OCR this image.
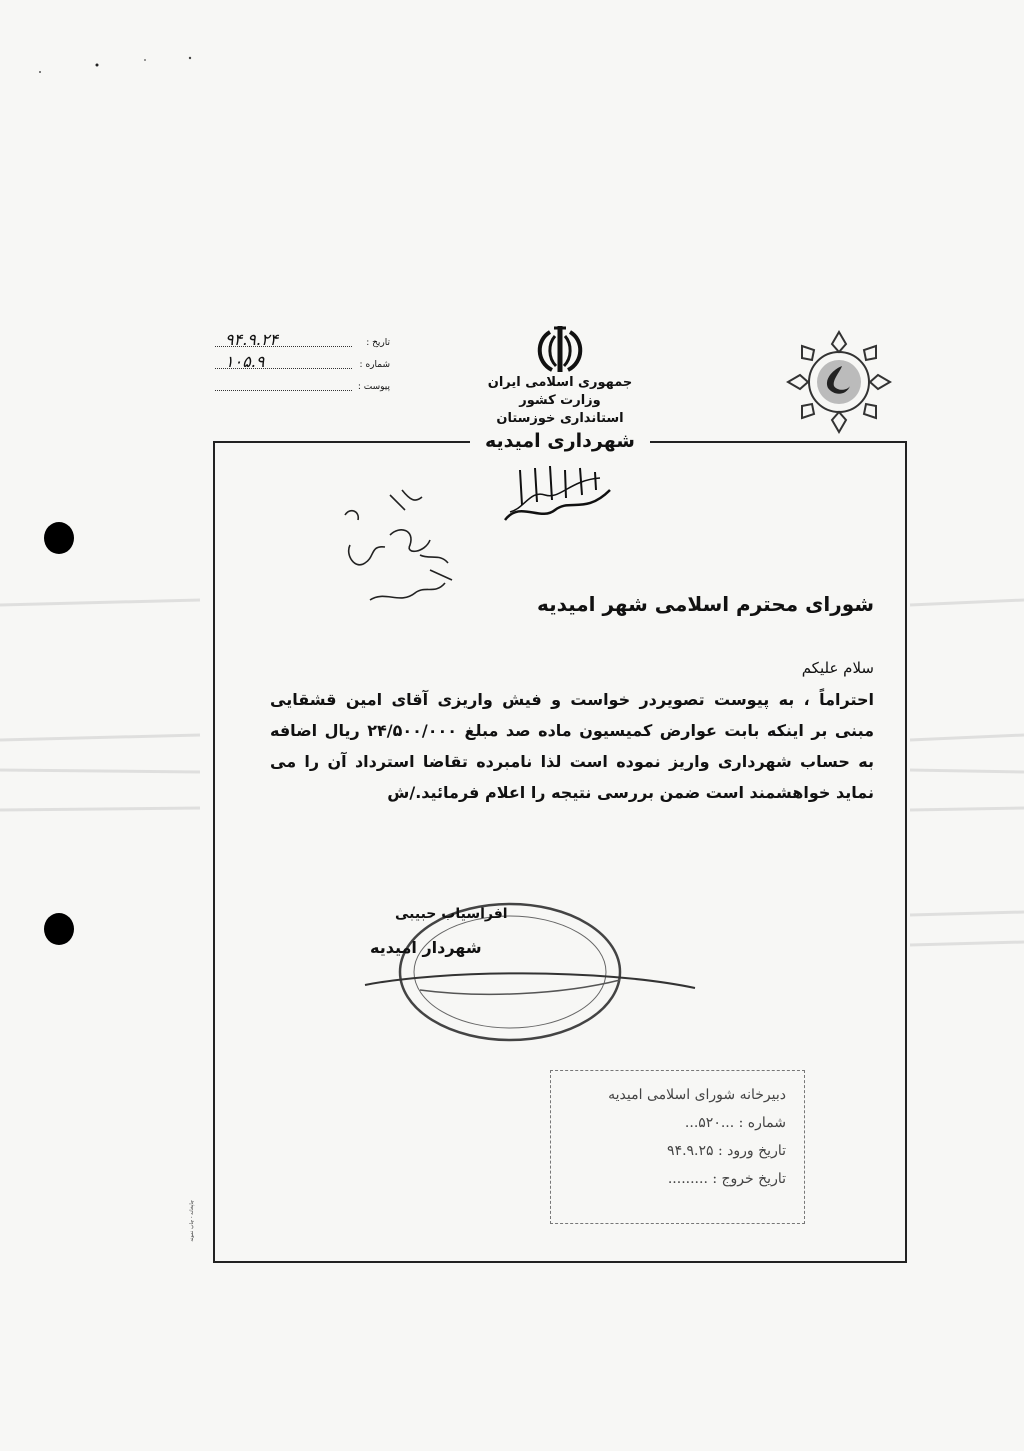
تاریخ :
۹۴.۹.۲۴
شماره :
۱۰۵.۹
پیوست :	جمهوری اسلامی ایران
وزارت کشور
استانداری خوزستان
شهرداری امیدیه
شورای محترم اسلامی شهر امیدیه
سلام علیکم
احتراماً ، به پیوست تصویردر خواست و فیش واریزی آقای امین قشقایی مبنی بر اینکه بابت عوارض کمیسیون ماده صد مبلغ ۲۴/۵۰۰/۰۰۰ ریال اضافه به حساب شهرداری واریز نموده است لذا نامبرده تقاضا استرداد آن را می نماید خواهشمند است ضمن بررسی نتیجه را اعلام فرمائید./ش
افراسیاب حبیبی
شهردار امیدیه
دبیرخانه شورای اسلامی امیدیه
شماره : ...۵۲۰...
تاریخ ورود : ۹۴.۹.۲۵
تاریخ خروج : .........
چاپخانه - چاپ نمونه
